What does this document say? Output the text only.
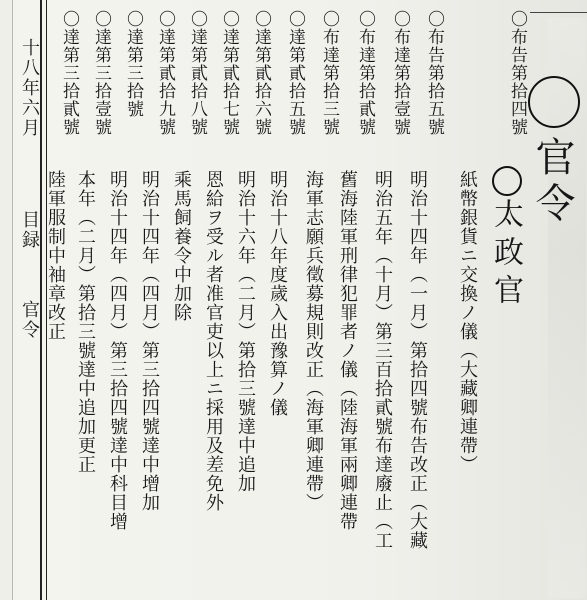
十八年六月
目録
官令
官令
太政官
〇布告第拾四號
紙幣銀貨ニ交換ノ儀（大藏卿連帶）
〇布告第拾五號
明治十四年（一月）第拾四號布告改正（大藏
〇布達第拾壹號
明治五年（十月）第三百拾貳號布達廢止（工
〇布達第拾貳號
舊海陸軍刑律犯罪者ノ儀（陸海軍兩卿連帶
〇布達第拾三號
海軍志願兵徵募規則改正（海軍卿連帶）
〇達第貳拾五號
明治十八年度歲入出豫算ノ儀
〇達第貳拾六號
明治十六年（二月）第拾三號達中追加
〇達第貳拾七號
恩給ヲ受ル者准官吏以上ニ採用及差免外
〇達第貳拾八號
乘馬飼養令中加除
〇達第貳拾九號
明治十四年（四月）第三拾四號達中增加
〇達第三拾號
明治十四年（四月）第三拾四號達中科目增
〇達第三拾壹號
本年（二月）第拾三號達中追加更正
〇達第三拾貳號
陸軍服制中袖章改正
